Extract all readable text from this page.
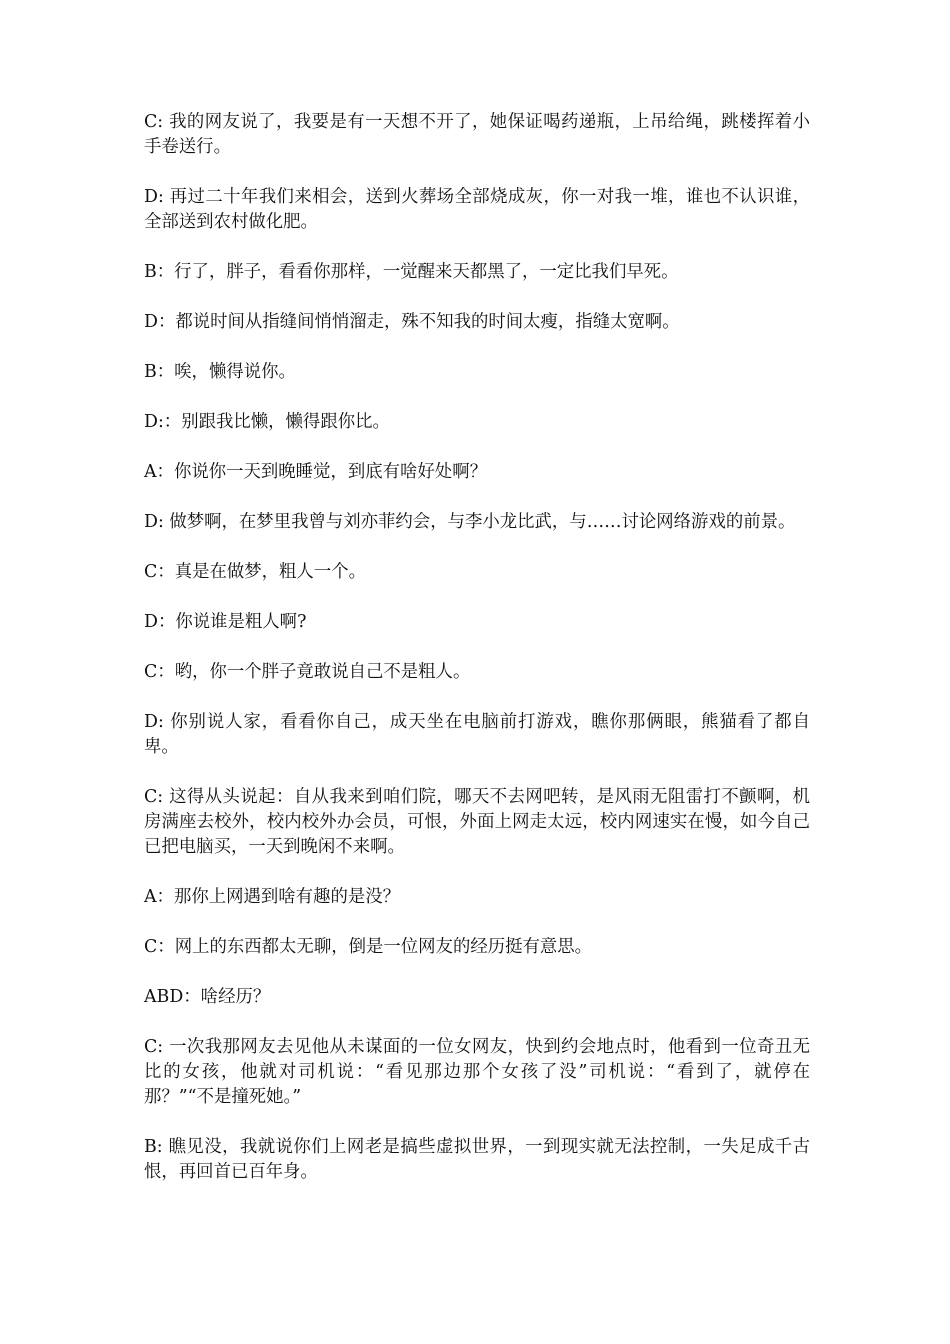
C: 我的网友说了，我要是有一天想不开了，她保证喝药递瓶，上吊给绳，跳楼挥着小手卷送行。

D: 再过二十年我们来相会，送到火葬场全部烧成灰，你一对我一堆，谁也不认识谁， 全部送到农村做化肥。

B：行了，胖子，看看你那样，一觉醒来天都黑了，一定比我们早死。

D：都说时间从指缝间悄悄溜走，殊不知我的时间太瘦，指缝太宽啊。

B：唉，懒得说你。

D:：别跟我比懒，懒得跟你比。

A：你说你一天到晚睡觉，到底有啥好处啊？

D: 做梦啊，在梦里我曾与刘亦菲约会，与李小龙比武，与……讨论网络游戏的前景。

C：真是在做梦，粗人一个。

D：你说谁是粗人啊?

C：哟，你一个胖子竟敢说自己不是粗人。

D: 你别说人家，看看你自己，成天坐在电脑前打游戏，瞧你那俩眼，熊猫看了都自卑。

C: 这得从头说起：自从我来到咱们院，哪天不去网吧转，是风雨无阻雷打不颤啊，机房满座去校外，校内校外办会员，可恨，外面上网走太远，校内网速实在慢，如今自己已把电脑买，一天到晚闲不来啊。

A：那你上网遇到啥有趣的是没？

C：网上的东西都太无聊，倒是一位网友的经历挺有意思。

ABD：啥经历？

C: 一次我那网友去见他从未谋面的一位女网友，快到约会地点时，他看到一位奇丑无比的女孩，他就对司机说：“看见那边那个女孩了没”司机说：“看到了，就停在那？”“不是撞死她。”

B: 瞧见没，我就说你们上网老是搞些虚拟世界，一到现实就无法控制，一失足成千古恨，再回首已百年身。
